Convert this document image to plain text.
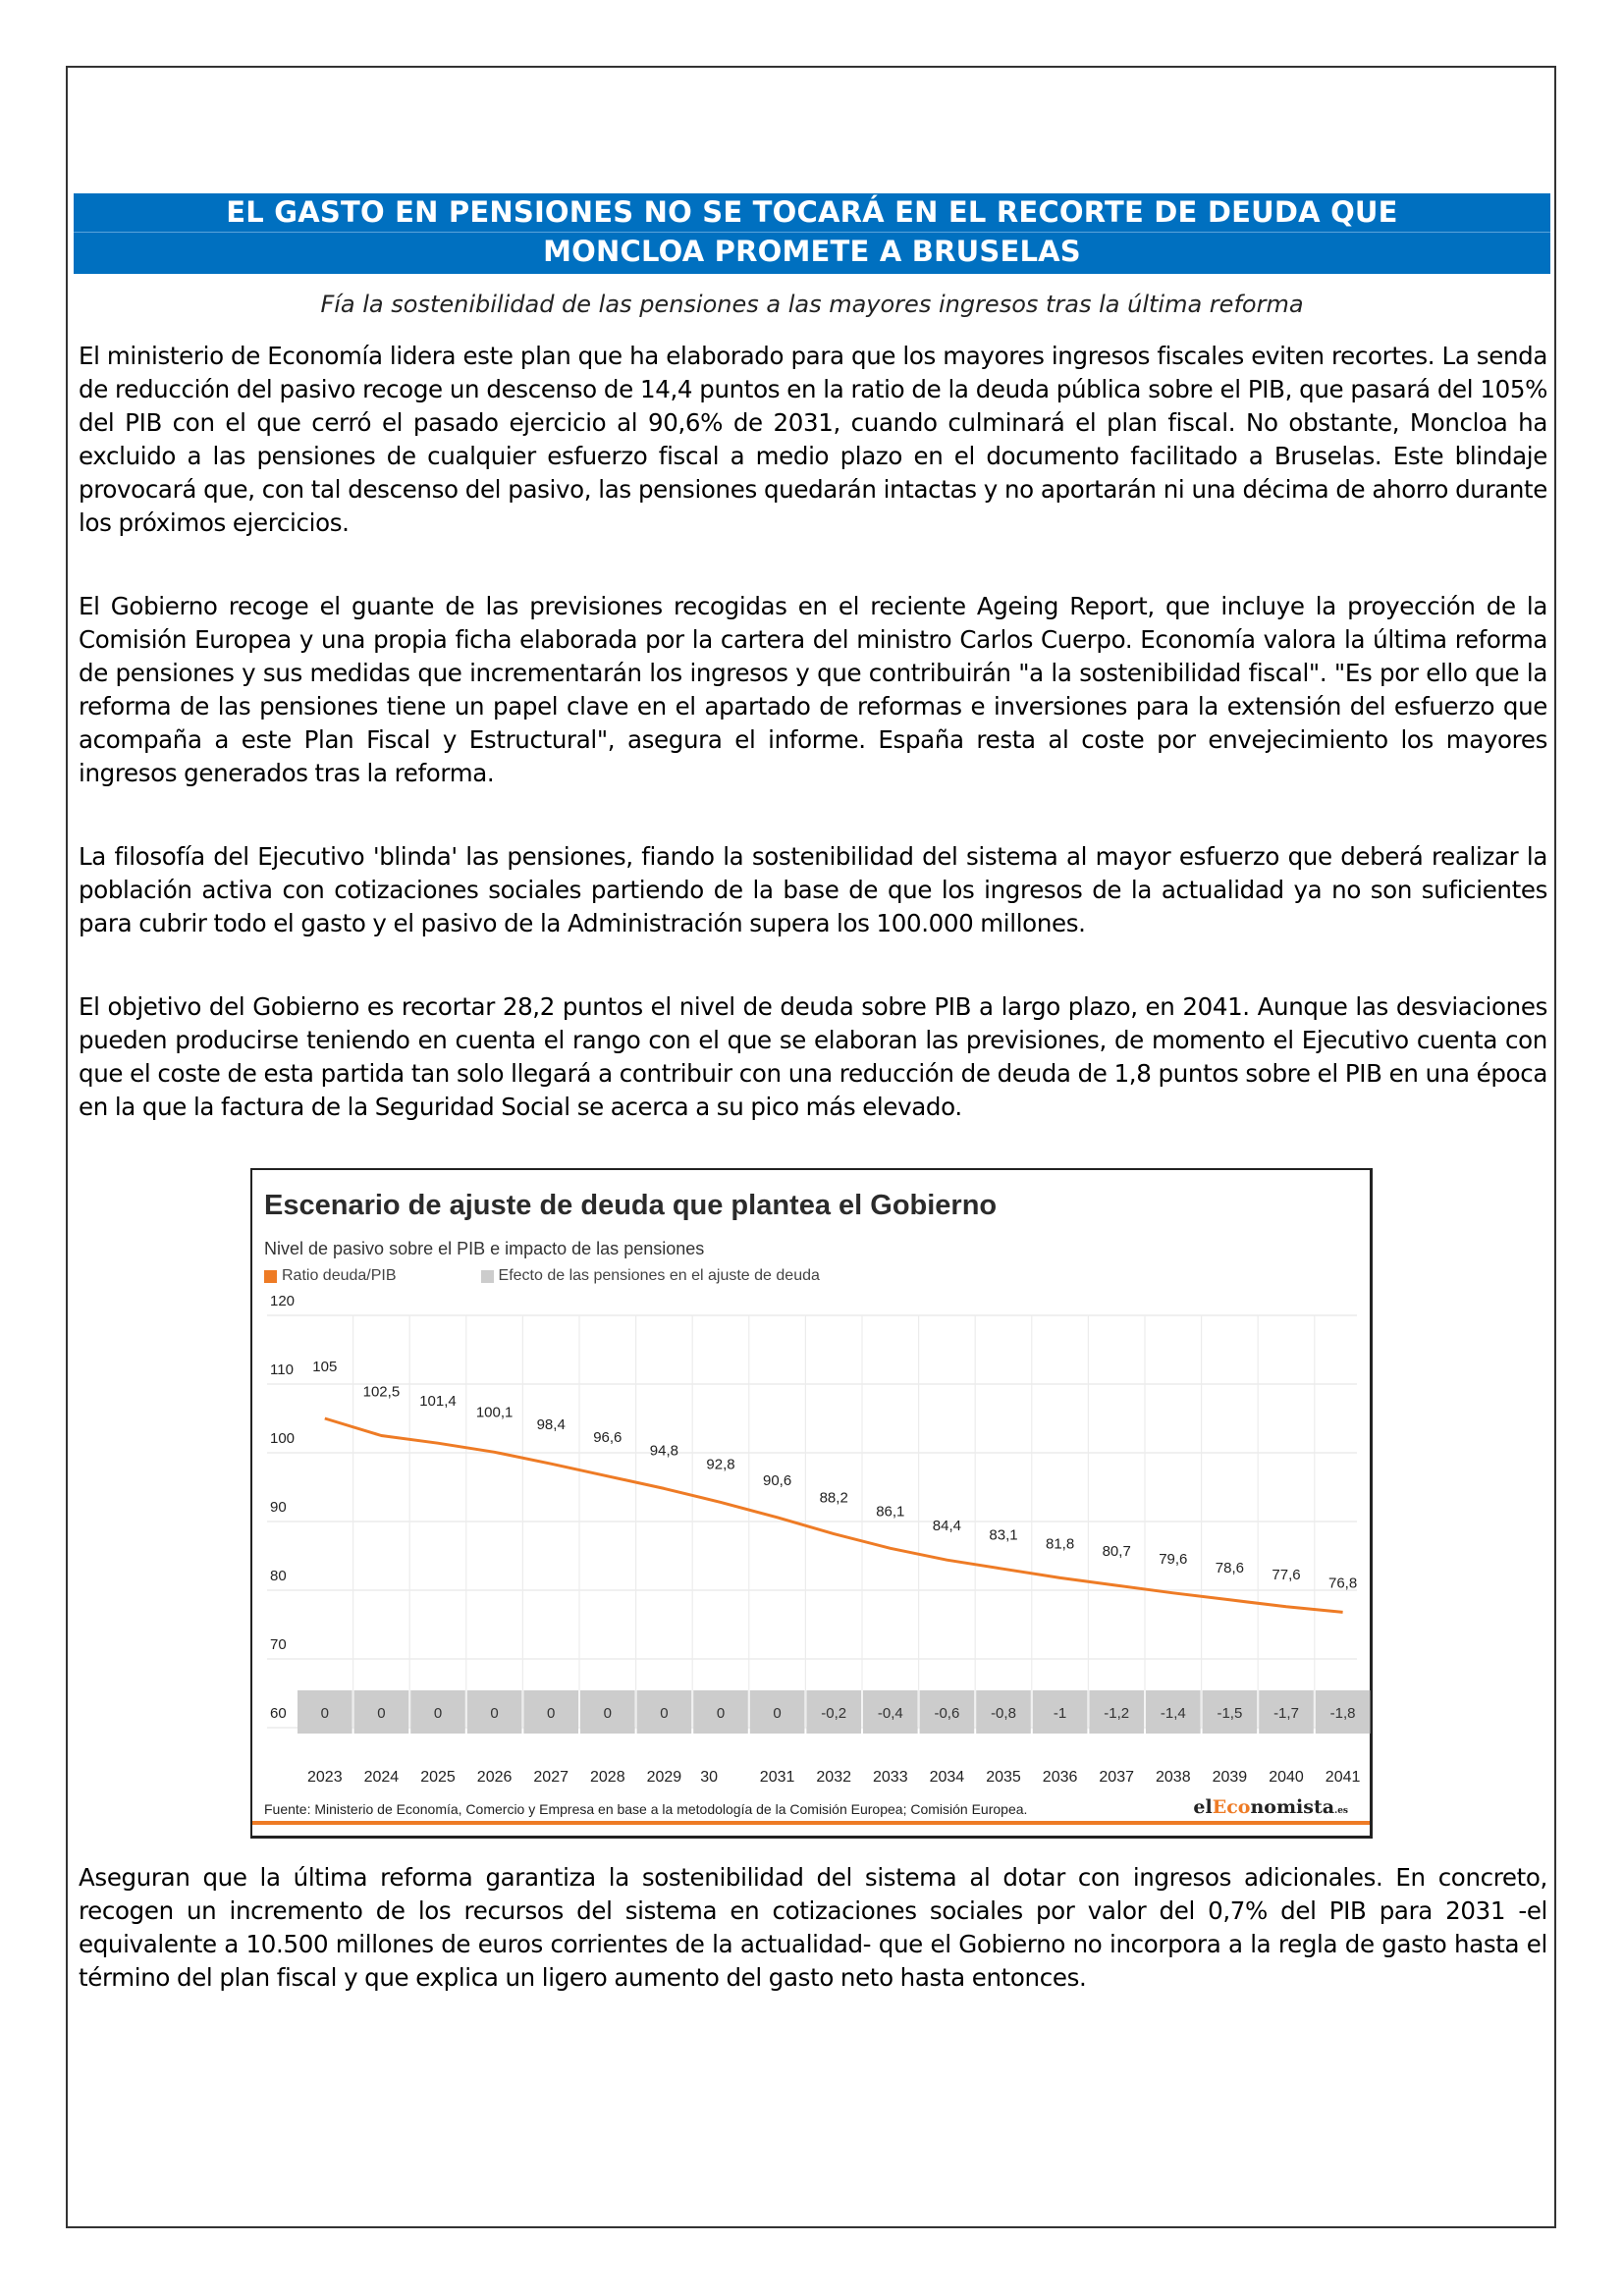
EL GASTO EN PENSIONES NO SE TOCARÁ EN EL RECORTE DE DEUDA QUE
MONCLOA PROMETE A BRUSELAS
Fía la sostenibilidad de las pensiones a las mayores ingresos tras la última reforma

El ministerio de Economía lidera este plan que ha elaborado para que los mayores ingresos fiscales eviten recortes. La senda de reducción del pasivo recoge un descenso de 14,4 puntos en la ratio de la deuda pública sobre el PIB, que pasará del 105% del PIB con el que cerró el pasado ejercicio al 90,6% de 2031, cuando culminará el plan fiscal. No obstante, Moncloa ha excluido a las pensiones de cualquier esfuerzo fiscal a medio plazo en el documento facilitado a Bruselas. Este blindaje provocará que, con tal descenso del pasivo, las pensiones quedarán intactas y no aportarán ni una décima de ahorro durante los próximos ejercicios.

El Gobierno recoge el guante de las previsiones recogidas en el reciente Ageing Report, que incluye la proyección de la Comisión Europea y una propia ficha elaborada por la cartera del ministro Carlos Cuerpo. Economía valora la última reforma de pensiones y sus medidas que incrementarán los ingresos y que contribuirán "a la sostenibilidad fiscal". "Es por ello que la reforma de las pensiones tiene un papel clave en el apartado de reformas e inversiones para la extensión del esfuerzo que acompaña a este Plan Fiscal y Estructural", asegura el informe. España resta al coste por envejecimiento los mayores ingresos generados tras la reforma.

La filosofía del Ejecutivo 'blinda' las pensiones, fiando la sostenibilidad del sistema al mayor esfuerzo que deberá realizar la población activa con cotizaciones sociales partiendo de la base de que los ingresos de la actualidad ya no son suficientes para cubrir todo el gasto y el pasivo de la Administración supera los 100.000 millones.

El objetivo del Gobierno es recortar 28,2 puntos el nivel de deuda sobre PIB a largo plazo, en 2041. Aunque las desviaciones pueden producirse teniendo en cuenta el rango con el que se elaboran las previsiones, de momento el Ejecutivo cuenta con que el coste de esta partida tan solo llegará a contribuir con una reducción de deuda de 1,8 puntos sobre el PIB en una época en la que la factura de la Seguridad Social se acerca a su pico más elevado.

Escenario de ajuste de deuda que plantea el Gobierno
Nivel de pasivo sobre el PIB e impacto de las pensiones
Ratio deuda/PIB	Efecto de las pensiones en el ajuste de deuda
120
110
100
90
80
70
60 0	0	0	0	0	0	0	0	0	-0,2 -0,4 -0,6 -0,8	-1	-1,2 -1,4 -1,5 -1,7 -1,8
2023 2024 2025 2026 2027 2028 2029 30	2031 2032 2033 2034 2035 2036 2037 2038 2039 2040 2041
105
102,5
101,4
100,1
98,4
96,6
94,8
92,8
90,6
88,2
86,1
84,4
83,1
81,8 80,7 79,6
78,6 77,6
76,8
Fuente: Ministerio de Economía, Comercio y Empresa en base a la metodología de la Comisión Europea; Comisión Europea.	elEconomista.es

Aseguran que la última reforma garantiza la sostenibilidad del sistema al dotar con ingresos adicionales. En concreto, recogen un incremento de los recursos del sistema en cotizaciones sociales por valor del 0,7% del PIB para 2031 -el equivalente a 10.500 millones de euros corrientes de la actualidad- que el Gobierno no incorpora a la regla de gasto hasta el término del plan fiscal y que explica un ligero aumento del gasto neto hasta entonces.
